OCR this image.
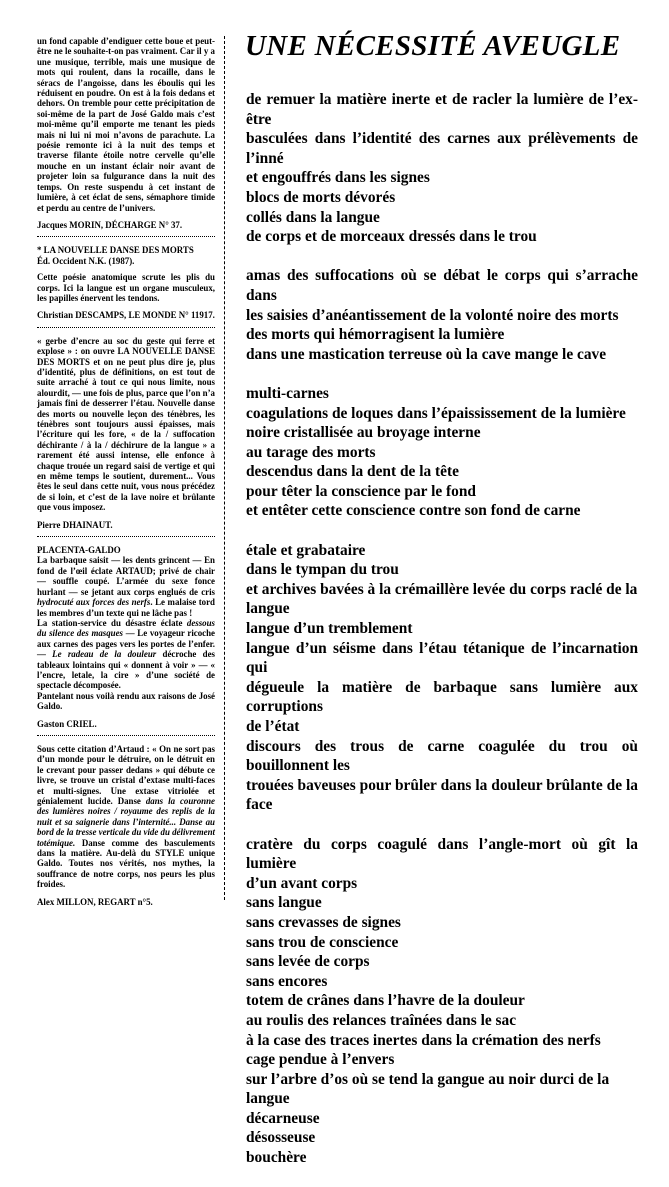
un fond capable d’endiguer cette boue et peut-être ne le souhaite-t-on pas vraiment. Car il y a une musique, terrible, mais une musique de mots qui roulent, dans la rocaille, dans le séracs de l’angoisse, dans les éboulis qui les réduisent en poudre. On est à la fois dedans et dehors. On tremble pour cette précipitation de soi-même de la part de José Galdo mais c’est moi-même qu’il emporte me tenant les pieds mais ni lui ni moi n’avons de parachute. La poésie remonte ici à la nuit des temps et traverse filante étoile notre cervelle qu’elle mouche en un instant éclair noir avant de projeter loin sa fulgurance dans la nuit des temps. On reste suspendu à cet instant de lumière, à cet éclat de sens, sémaphore timide et perdu au centre de l’univers.

Jacques MORIN, DÉCHARGE N° 37.

* LA NOUVELLE DANSE DES MORTS

Éd. Occident N.K. (1987).

Cette poésie anatomique scrute les plis du corps. Ici la langue est un organe musculeux, les papilles énervent les tendons.

Christian DESCAMPS, LE MONDE N° 11917.

« gerbe d’encre au soc du geste qui ferre et explose » : on ouvre LA NOUVELLE DANSE DES MORTS et on ne peut plus dire je, plus d’identité, plus de définitions, on est tout de suite arraché à tout ce qui nous limite, nous alourdit, — une fois de plus, parce que l’on n’a jamais fini de desserrer l’étau. Nouvelle danse des morts ou nouvelle leçon des ténèbres, les ténèbres sont toujours aussi épaisses, mais l’écriture qui les fore, « de la / suffocation déchirante / à la / déchirure de la langue » a rarement été aussi intense, elle enfonce à chaque trouée un regard saisi de vertige et qui en même temps le soutient, durement... Vous êtes le seul dans cette nuit, vous nous précédez de si loin, et c’est de la lave noire et brûlante que vous imposez.

Pierre DHAINAUT.

PLACENTA-GALDO

La barbaque saisit — les dents grincent — En fond de l’œil éclate ARTAUD; privé de chair — souffle coupé. L’armée du sexe fonce hurlant — se jetant aux corps englués de cris hydrocuté aux forces des nerfs. Le malaise tord les membres d’un texte qui ne lâche pas !

La station-service du désastre éclate dessous du silence des masques — Le voyageur ricoche aux carnes des pages vers les portes de l’enfer. — Le radeau de la douleur décroche des tableaux lointains qui « donnent à voir » — « l’encre, letale, la cire » d’une société de spectacle décomposée.

Pantelant nous voilà rendu aux raisons de José Galdo.

Gaston CRIEL.

Sous cette citation d’Artaud : « On ne sort pas d’un monde pour le détruire, on le détruit en le crevant pour passer dedans » qui débute ce livre, se trouve un cristal d’extase multi-faces et multi-signes. Une extase vitriolée et génialement lucide. Danse dans la couronne des lumières noires / royaume des replis de la nuit et sa saignerie dans l’internité... Danse au bord de la tresse verticale du vide du délivrement totémique. Danse comme des basculements dans la matière. Au-delà du STYLE unique Galdo. Toutes nos vérités, nos mythes, la souffrance de notre corps, nos peurs les plus froides.

Alex MILLON, REGART n°5.

UNE NÉCESSITÉ AVEUGLE
de remuer la matière inerte et de racler la lumière de l’ex-être
basculées dans l’identité des carnes aux prélèvements de l’inné
et engouffrés dans les signes
blocs de morts dévorés
collés dans la langue
de corps et de morceaux dressés dans le trou
amas des suffocations où se débat le corps qui s’arrache dans
les saisies d’anéantissement de la volonté noire des morts
des morts qui hémorragisent la lumière
dans une mastication terreuse où la cave mange le cave
multi-carnes
coagulations de loques dans l’épaississement de la lumière
noire cristallisée au broyage interne
au tarage des morts
descendus dans la dent de la tête
pour têter la conscience par le fond
et entêter cette conscience contre son fond de carne
étale et grabataire
dans le tympan du trou
et archives bavées à la crémaillère levée du corps raclé de la
langue
langue d’un tremblement
langue d’un séisme dans l’étau tétanique de l’incarnation qui
dégueule la matière de barbaque sans lumière aux corruptions
de l’état
discours des trous de carne coagulée du trou où bouillonnent les
trouées baveuses pour brûler dans la douleur brûlante de la face
cratère du corps coagulé dans l’angle-mort où gît la lumière
d’un avant corps
sans langue
sans crevasses de signes
sans trou de conscience
sans levée de corps
sans encores
totem de crânes dans l’havre de la douleur
au roulis des relances traînées dans le sac
à la case des traces inertes dans la crémation des nerfs
cage pendue à l’envers
sur l’arbre d’os où se tend la gangue au noir durci de la
langue
décarneuse
désosseuse
bouchère
